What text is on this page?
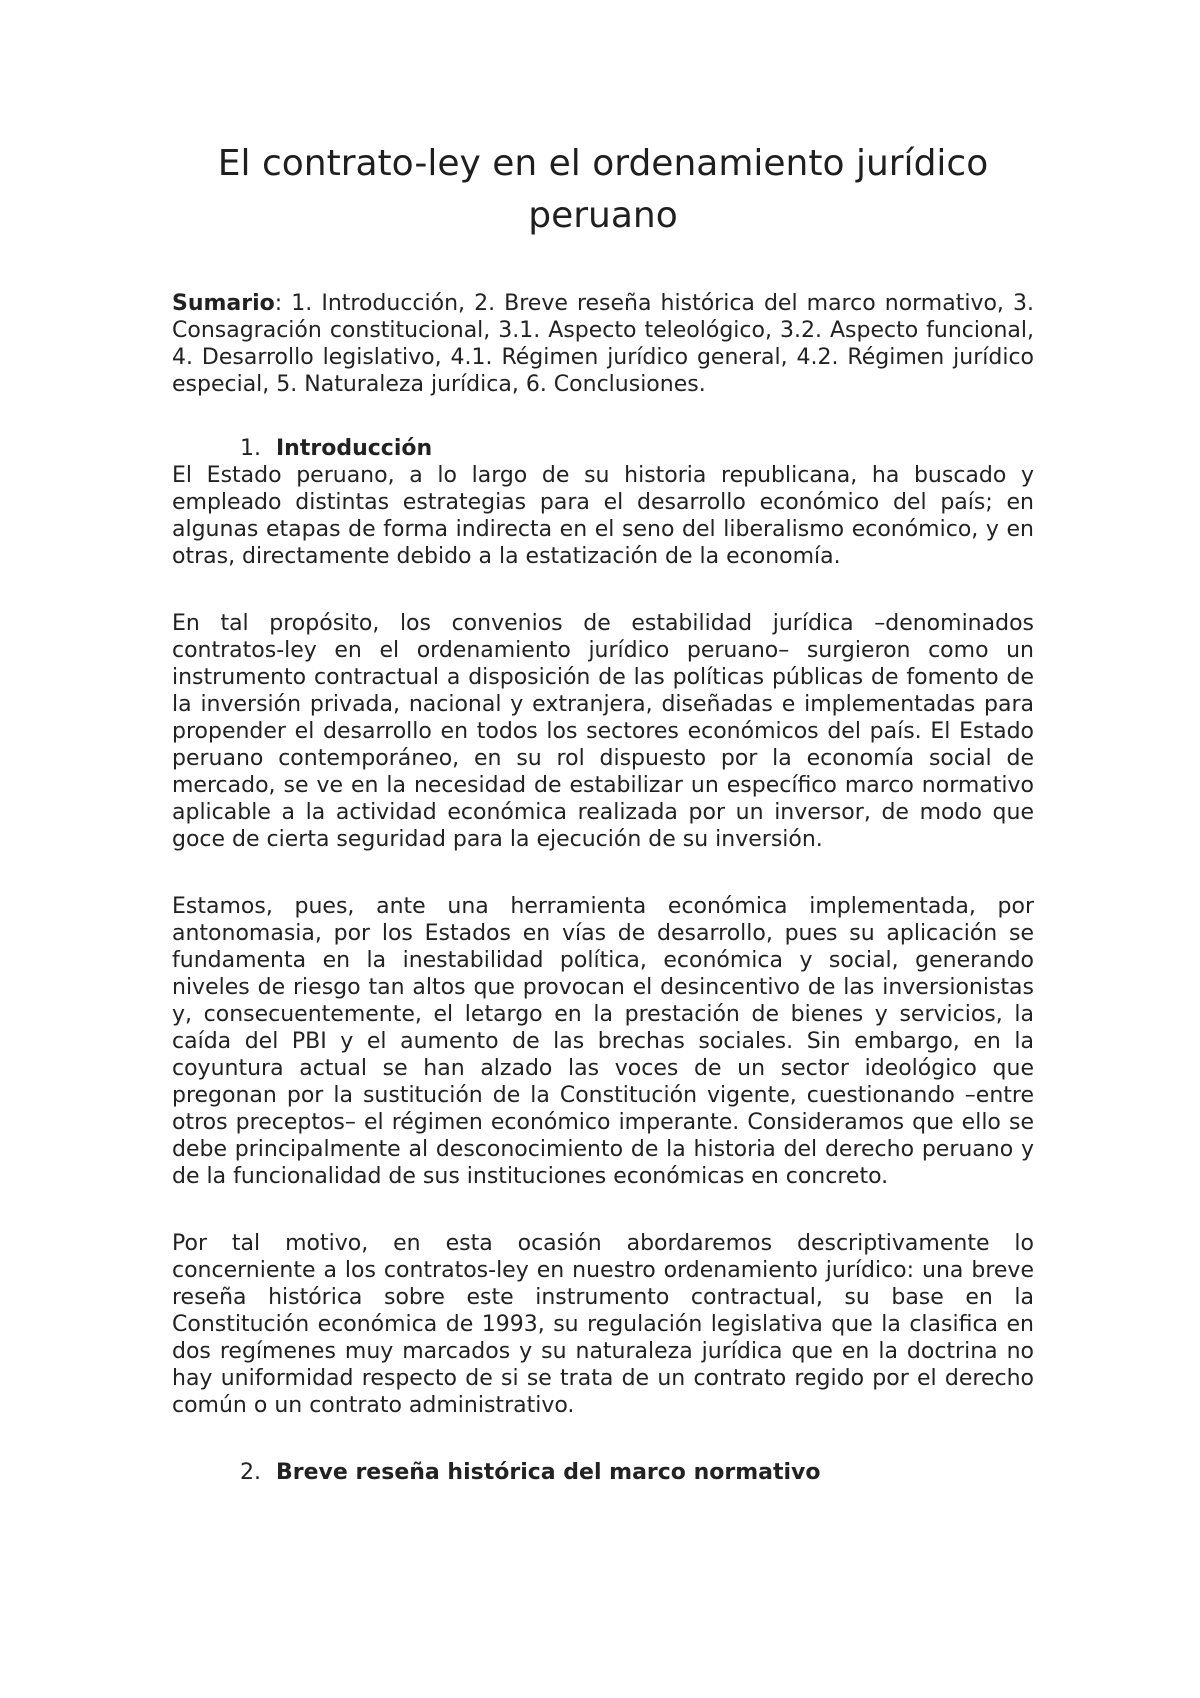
El contrato-ley en el ordenamiento jurídico peruano

Sumario: 1. Introducción, 2. Breve reseña histórica del marco normativo, 3. Consagración constitucional, 3.1. Aspecto teleológico, 3.2. Aspecto funcional, 4. Desarrollo legislativo, 4.1. Régimen jurídico general, 4.2. Régimen jurídico especial, 5. Naturaleza jurídica, 6. Conclusiones.

1. Introducción

El Estado peruano, a lo largo de su historia republicana, ha buscado y empleado distintas estrategias para el desarrollo económico del país; en algunas etapas de forma indirecta en el seno del liberalismo económico, y en otras, directamente debido a la estatización de la economía.

En tal propósito, los convenios de estabilidad jurídica –denominados contratos-ley en el ordenamiento jurídico peruano– surgieron como un instrumento contractual a disposición de las políticas públicas de fomento de la inversión privada, nacional y extranjera, diseñadas e implementadas para propender el desarrollo en todos los sectores económicos del país. El Estado peruano contemporáneo, en su rol dispuesto por la economía social de mercado, se ve en la necesidad de estabilizar un específico marco normativo aplicable a la actividad económica realizada por un inversor, de modo que goce de cierta seguridad para la ejecución de su inversión.

Estamos, pues, ante una herramienta económica implementada, por antonomasia, por los Estados en vías de desarrollo, pues su aplicación se fundamenta en la inestabilidad política, económica y social, generando niveles de riesgo tan altos que provocan el desincentivo de las inversionistas y, consecuentemente, el letargo en la prestación de bienes y servicios, la caída del PBI y el aumento de las brechas sociales. Sin embargo, en la coyuntura actual se han alzado las voces de un sector ideológico que pregonan por la sustitución de la Constitución vigente, cuestionando –entre otros preceptos– el régimen económico imperante. Consideramos que ello se debe principalmente al desconocimiento de la historia del derecho peruano y de la funcionalidad de sus instituciones económicas en concreto.

Por tal motivo, en esta ocasión abordaremos descriptivamente lo concerniente a los contratos-ley en nuestro ordenamiento jurídico: una breve reseña histórica sobre este instrumento contractual, su base en la Constitución económica de 1993, su regulación legislativa que la clasifica en dos regímenes muy marcados y su naturaleza jurídica que en la doctrina no hay uniformidad respecto de si se trata de un contrato regido por el derecho común o un contrato administrativo.

2. Breve reseña histórica del marco normativo
